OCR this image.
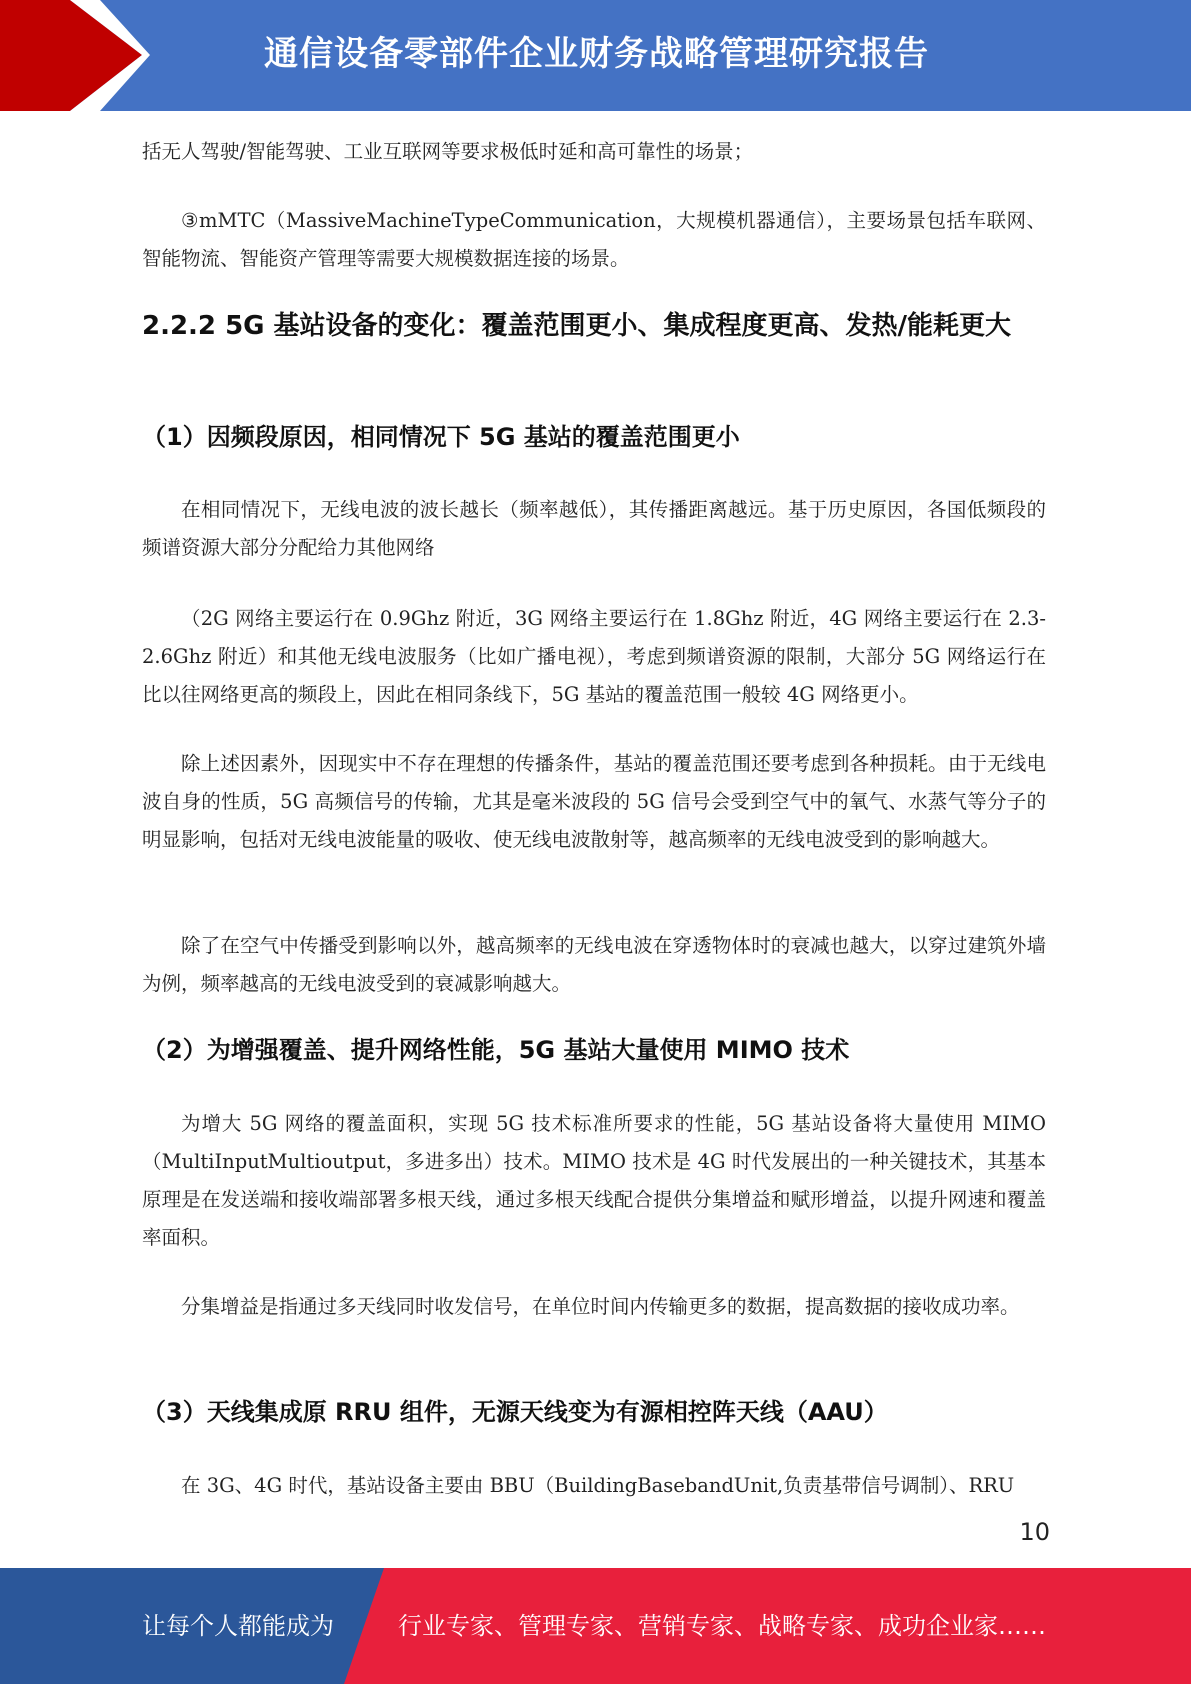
通信设备零部件企业财务战略管理研究报告

括无人驾驶/智能驾驶、工业互联网等要求极低时延和高可靠性的场景；

③mMTC（MassiveMachineTypeCommunication，大规模机器通信），主要场景包括车联网、智能物流、智能资产管理等需要大规模数据连接的场景。

2.2.2 5G 基站设备的变化：覆盖范围更小、集成程度更高、发热/能耗更大
（1）因频段原因，相同情况下 5G 基站的覆盖范围更小

在相同情况下，无线电波的波长越长（频率越低），其传播距离越远。基于历史原因，各国低频段的频谱资源大部分分配给力其他网络

（2G 网络主要运行在 0.9Ghz 附近，3G 网络主要运行在 1.8Ghz 附近，4G 网络主要运行在 2.3-2.6Ghz 附近）和其他无线电波服务（比如广播电视），考虑到频谱资源的限制，大部分 5G 网络运行在比以往网络更高的频段上，因此在相同条线下，5G 基站的覆盖范围一般较 4G 网络更小。

除上述因素外，因现实中不存在理想的传播条件，基站的覆盖范围还要考虑到各种损耗。由于无线电波自身的性质，5G 高频信号的传输，尤其是毫米波段的 5G 信号会受到空气中的氧气、水蒸气等分子的明显影响，包括对无线电波能量的吸收、使无线电波散射等，越高频率的无线电波受到的影响越大。

除了在空气中传播受到影响以外，越高频率的无线电波在穿透物体时的衰减也越大，以穿过建筑外墙为例，频率越高的无线电波受到的衰减影响越大。

（2）为增强覆盖、提升网络性能，5G 基站大量使用 MIMO 技术

为增大 5G 网络的覆盖面积，实现 5G 技术标准所要求的性能，5G 基站设备将大量使用 MIMO（MultiInputMultioutput，多进多出）技术。MIMO 技术是 4G 时代发展出的一种关键技术，其基本原理是在发送端和接收端部署多根天线，通过多根天线配合提供分集增益和赋形增益，以提升网速和覆盖率面积。

分集增益是指通过多天线同时收发信号，在单位时间内传输更多的数据，提高数据的接收成功率。

（3）天线集成原 RRU 组件，无源天线变为有源相控阵天线（AAU）

在 3G、4G 时代，基站设备主要由 BBU（BuildingBasebandUnit,负责基带信号调制）、RRU

10
让每个人都能成为	行业专家、管理专家、营销专家、战略专家、成功企业家……
